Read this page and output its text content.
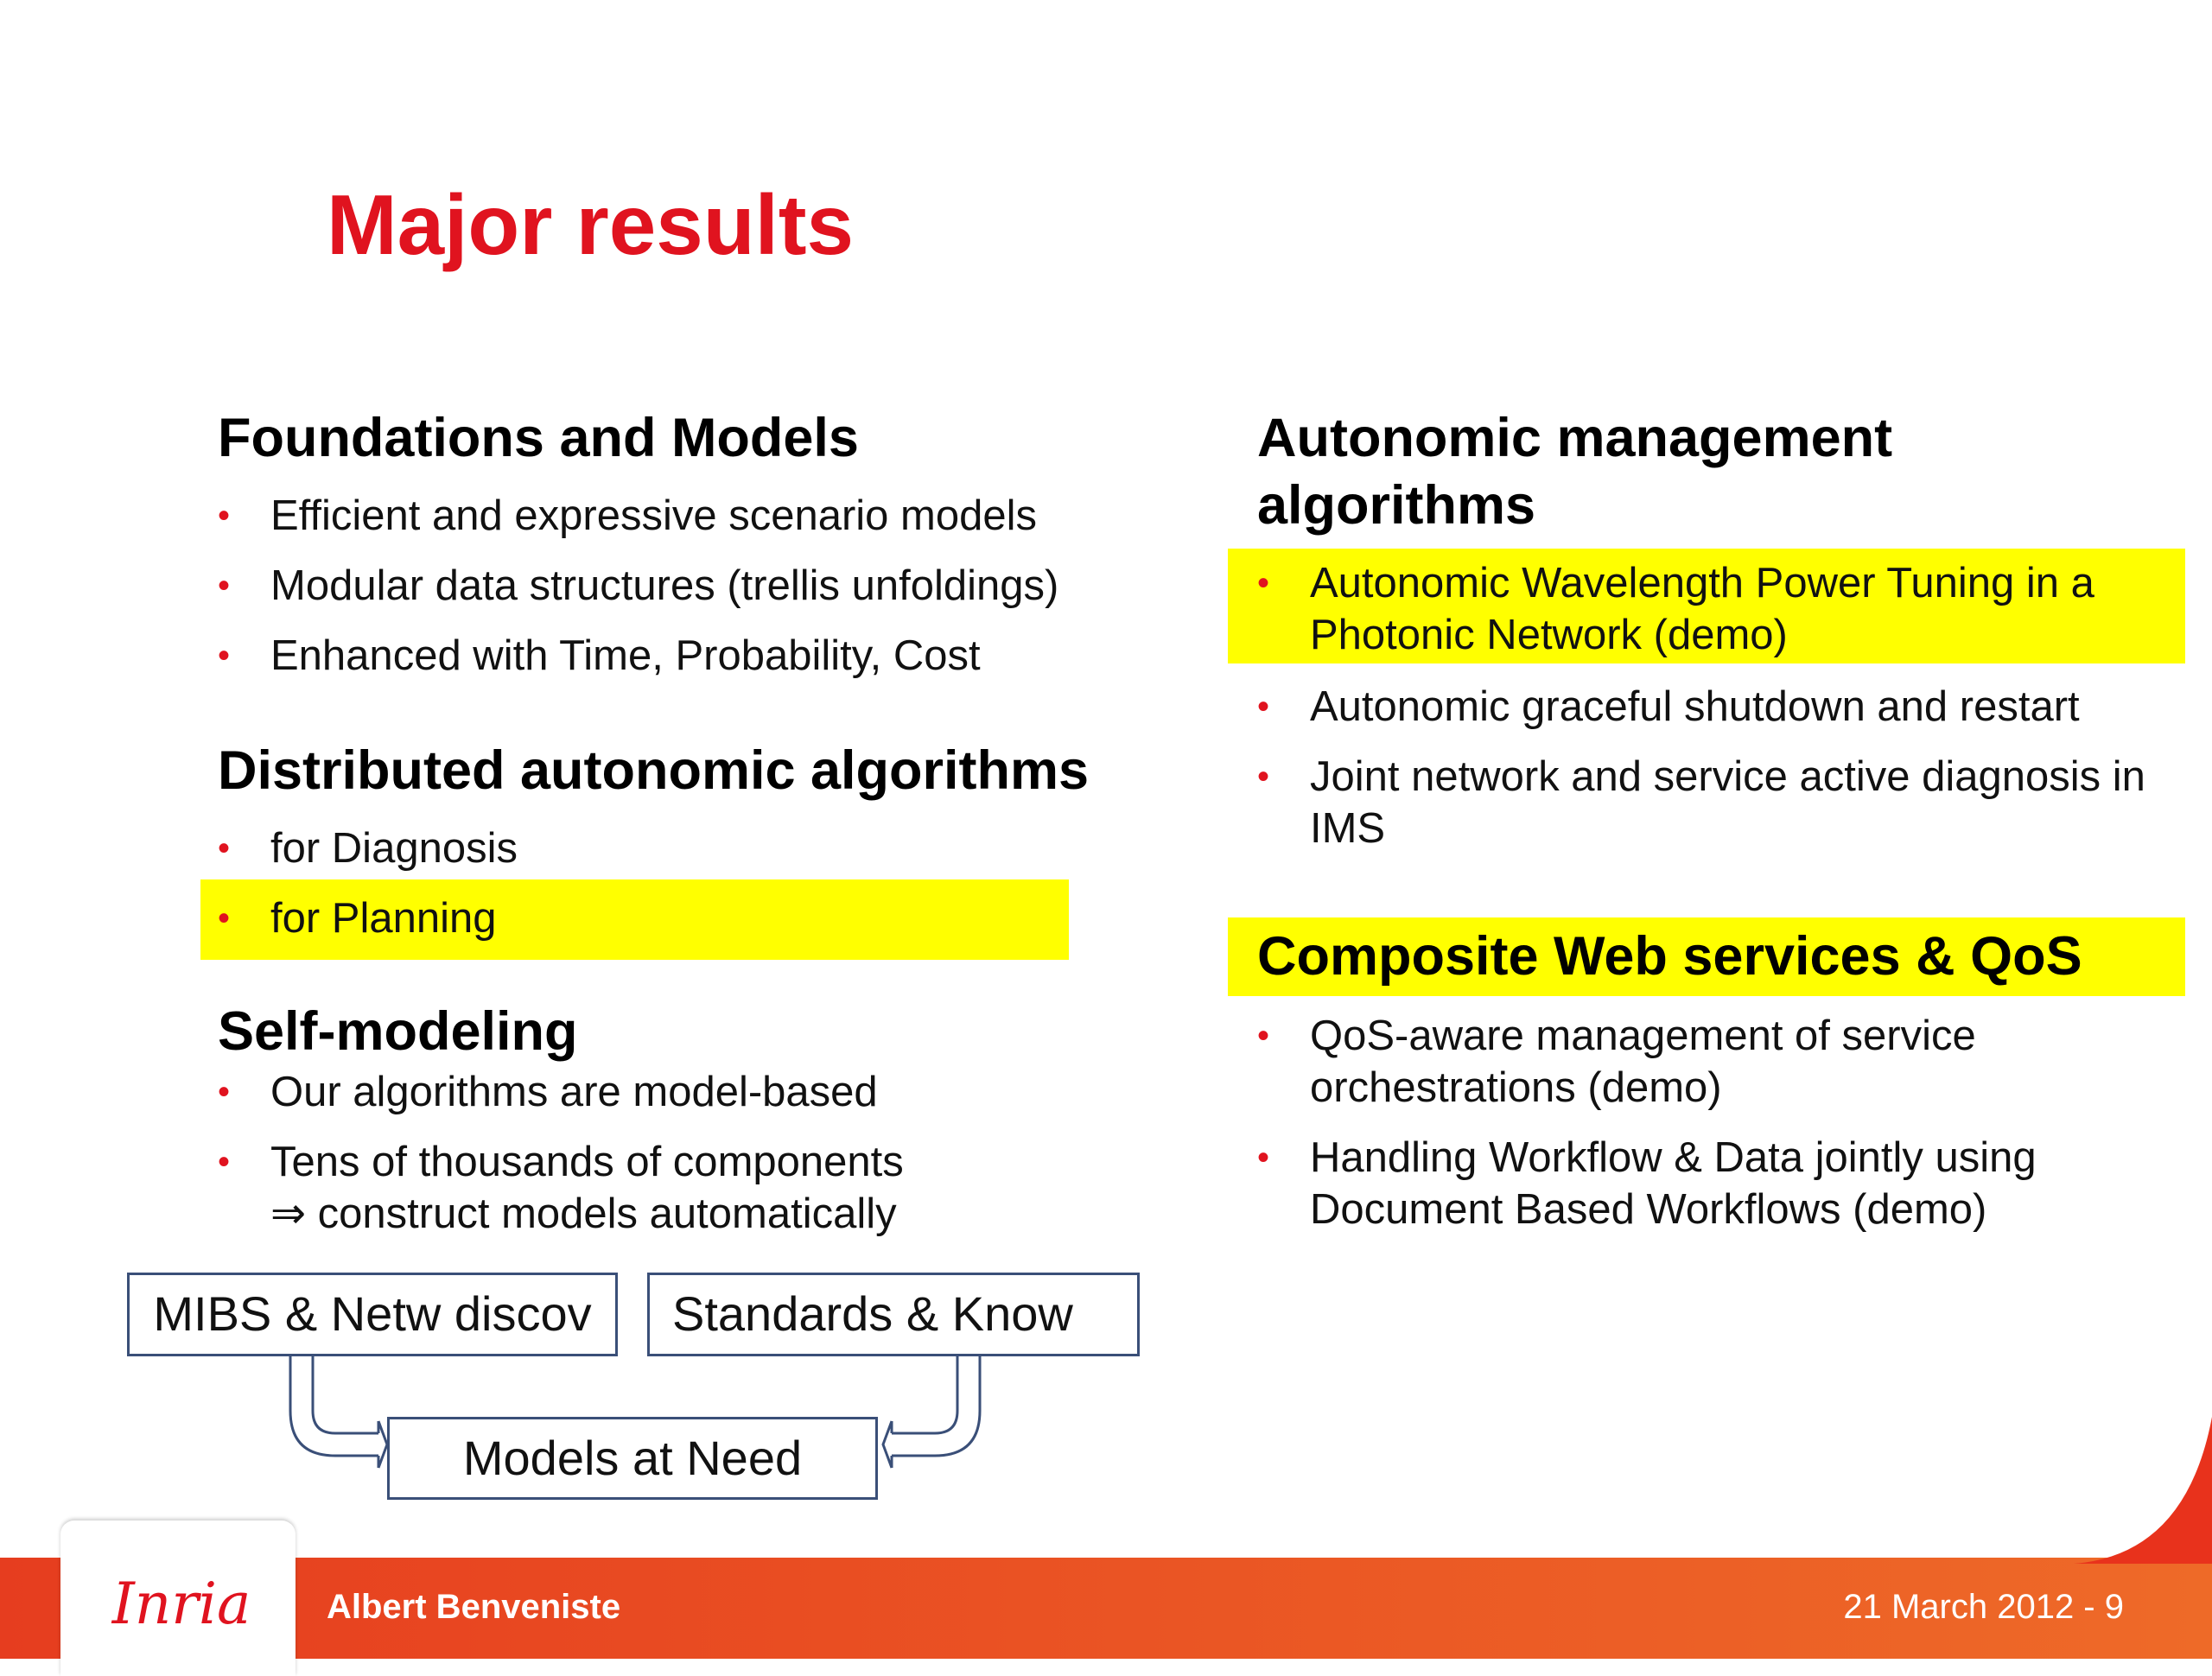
Major results
Foundations and Models
• Efficient and expressive scenario models
• Modular data structures (trellis unfoldings)
• Enhanced with Time, Probability, Cost
Distributed autonomic algorithms
• for Diagnosis
• for Planning
Self-modeling
• Our algorithms are model-based
• Tens of thousands of components
⇒ construct models automatically
MIBS & Netw discov	Standards & Know
Models at Need
Autonomic management
algorithms
• Autonomic Wavelength Power Tuning in a Photonic Network (demo)
• Autonomic graceful shutdown and restart
• Joint network and service active diagnosis in IMS
Composite Web services & QoS
• QoS-aware management of service orchestrations (demo)
• Handling Workflow & Data jointly using Document Based Workflows (demo)
Inria	Albert Benveniste	21 March 2012 - 9
